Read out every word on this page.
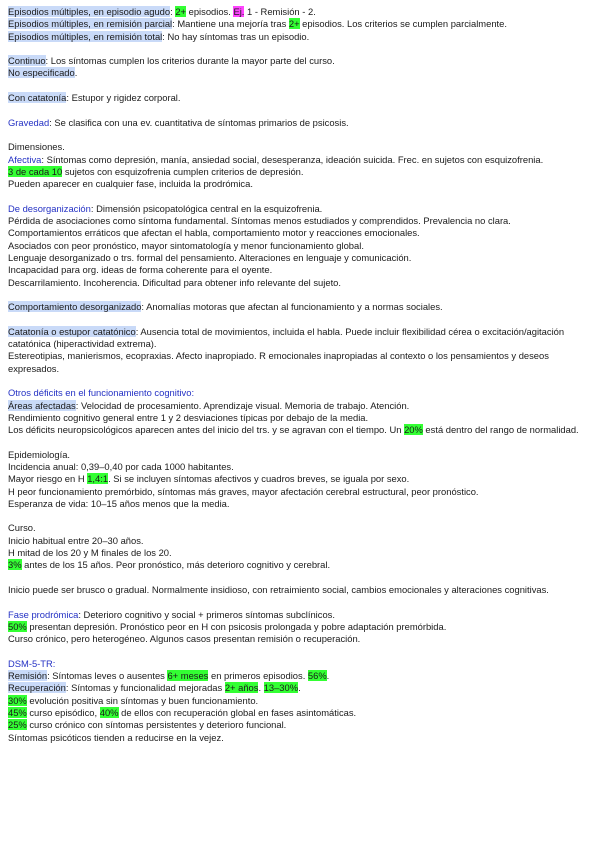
Episodios múltiples, en episodio agudo: 2+ episodios. Ej. 1 - Remisión - 2.

Episodios múltiples, en remisión parcial: Mantiene una mejoría tras 2+ episodios. Los criterios se cumplen parcialmente.

Episodios múltiples, en remisión total: No hay síntomas tras un episodio.

Continuo: Los síntomas cumplen los criterios durante la mayor parte del curso.

No especificado.

Con catatonía: Estupor y rigidez corporal.

Gravedad: Se clasifica con una ev. cuantitativa de síntomas primarios de psicosis.

Dimensiones.

Afectiva: Síntomas como depresión, manía, ansiedad social, desesperanza, ideación suicida. Frec. en sujetos con esquizofrenia.

3 de cada 10 sujetos con esquizofrenia cumplen criterios de depresión.

Pueden aparecer en cualquier fase, incluida la prodrómica.

De desorganización: Dimensión psicopatológica central en la esquizofrenia.

Pérdida de asociaciones como síntoma fundamental. Síntomas menos estudiados y comprendidos. Prevalencia no clara.

Comportamientos erráticos que afectan el habla, comportamiento motor y reacciones emocionales.

Asociados con peor pronóstico, mayor sintomatología y menor funcionamiento global.

Lenguaje desorganizado o trs. formal del pensamiento. Alteraciones en lenguaje y comunicación.

Incapacidad para org. ideas de forma coherente para el oyente.

Descarrilamiento. Incoherencia. Dificultad para obtener info relevante del sujeto.

Comportamiento desorganizado: Anomalías motoras que afectan al funcionamiento y a normas sociales.

Catatonía o estupor catatónico: Ausencia total de movimientos, incluida el habla. Puede incluir flexibilidad cérea o excitación/agitación catatónica (hiperactividad extrema).

Estereotipias, manierismos, ecopraxias. Afecto inapropiado. R emocionales inapropiadas al contexto o los pensamientos y deseos expresados.

Otros déficits en el funcionamiento cognitivo:

Áreas afectadas: Velocidad de procesamiento. Aprendizaje visual. Memoria de trabajo. Atención.

Rendimiento cognitivo general entre 1 y 2 desviaciones típicas por debajo de la media.

Los déficits neuropsicológicos aparecen antes del inicio del trs. y se agravan con el tiempo. Un 20% está dentro del rango de normalidad.

Epidemiología.

Incidencia anual: 0,39–0,40 por cada 1000 habitantes.

Mayor riesgo en H 1,4:1. Si se incluyen síntomas afectivos y cuadros breves, se iguala por sexo.

H peor funcionamiento premórbido, síntomas más graves, mayor afectación cerebral estructural, peor pronóstico.

Esperanza de vida: 10–15 años menos que la media.

Curso.

Inicio habitual entre 20–30 años.

H mitad de los 20 y M finales de los 20.

3% antes de los 15 años. Peor pronóstico, más deterioro cognitivo y cerebral.

Inicio puede ser brusco o gradual. Normalmente insidioso, con retraimiento social, cambios emocionales y alteraciones cognitivas.

Fase prodrómica: Deterioro cognitivo y social + primeros síntomas subclínicos.

50% presentan depresión. Pronóstico peor en H con psicosis prolongada y pobre adaptación premórbida.

Curso crónico, pero heterogéneo. Algunos casos presentan remisión o recuperación.

DSM-5-TR:

Remisión: Síntomas leves o ausentes 6+ meses en primeros episodios. 56%.

Recuperación: Síntomas y funcionalidad mejoradas 2+ años. 13–30%.

30% evolución positiva sin síntomas y buen funcionamiento.

45% curso episódico, 40% de ellos con recuperación global en fases asintomáticas.

25% curso crónico con síntomas persistentes y deterioro funcional.

Síntomas psicóticos tienden a reducirse en la vejez.
